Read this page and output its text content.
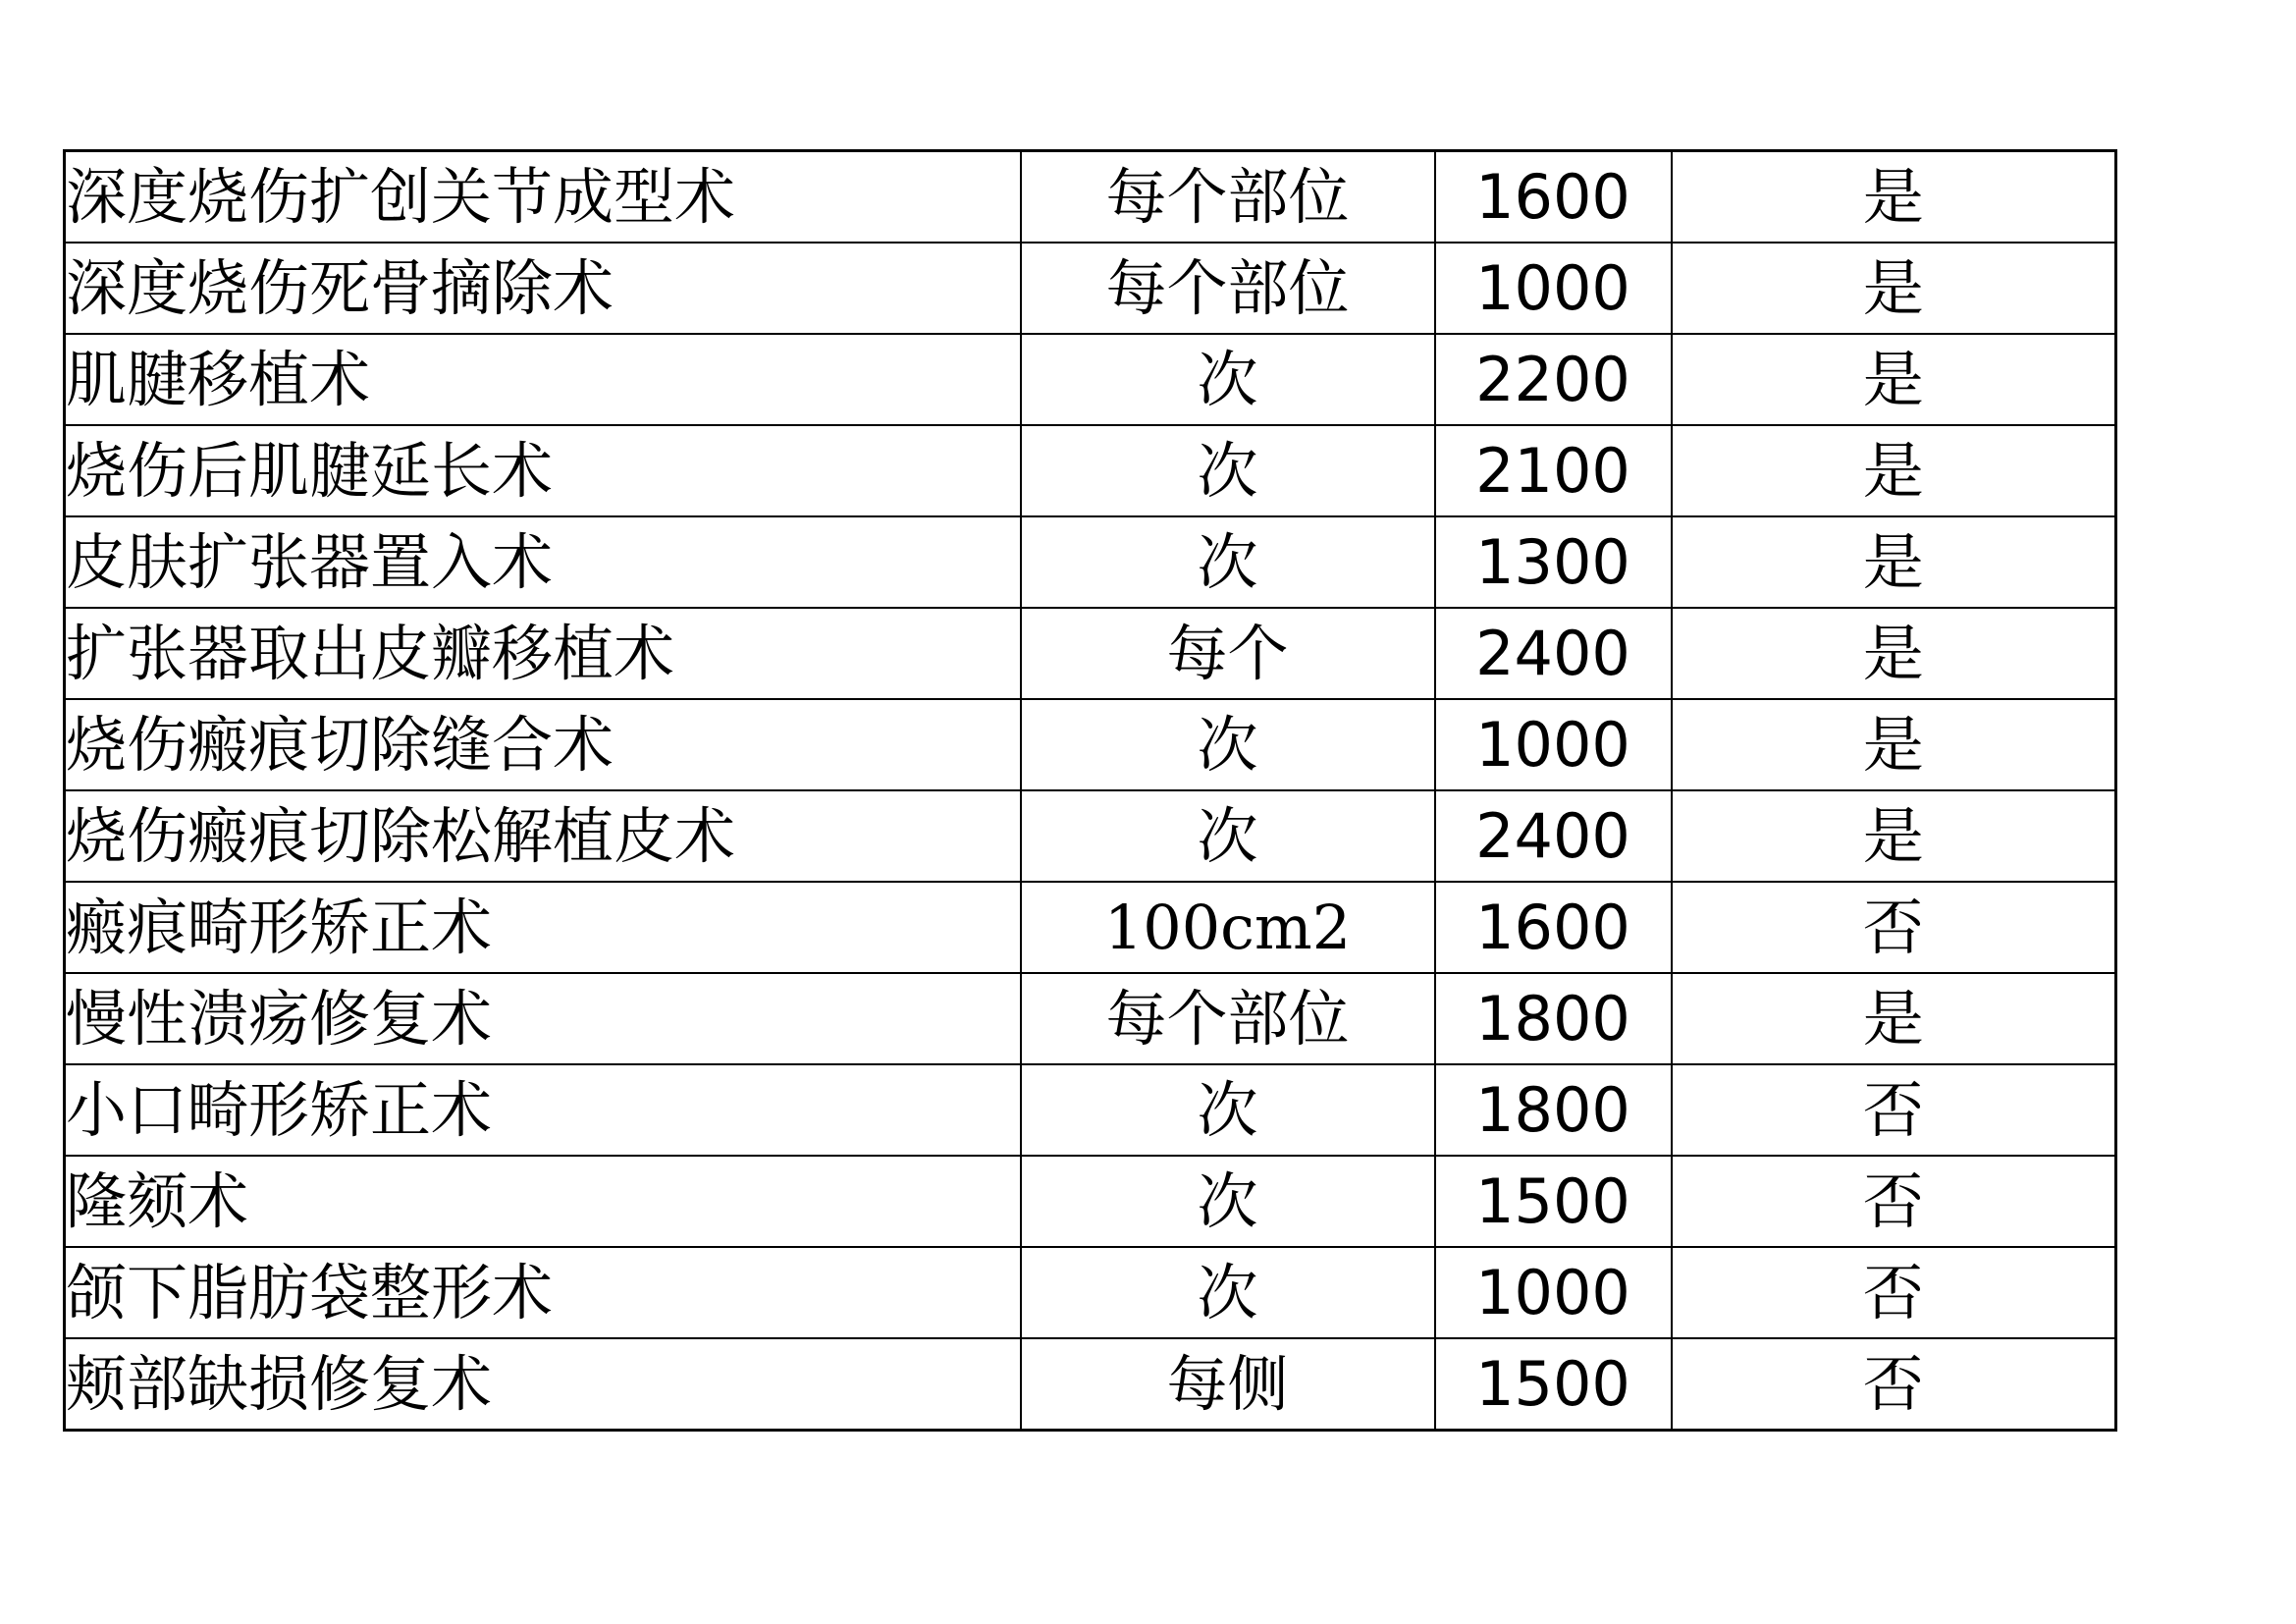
深度烧伤扩创关节成型术	每个部位	1600	是
深度烧伤死骨摘除术	每个部位	1000	是
肌腱移植术	次	2200	是
烧伤后肌腱延长术	次	2100	是
皮肤扩张器置入术	次	1300	是
扩张器取出皮瓣移植术	每个	2400	是
烧伤瘢痕切除缝合术	次	1000	是
烧伤瘢痕切除松解植皮术	次	2400	是
瘢痕畸形矫正术	100cm2	1600	否
慢性溃疡修复术	每个部位	1800	是
小口畸形矫正术	次	1800	否
隆颏术	次	1500	否
颌下脂肪袋整形术	次	1000	否
颊部缺损修复术	每侧	1500	否
